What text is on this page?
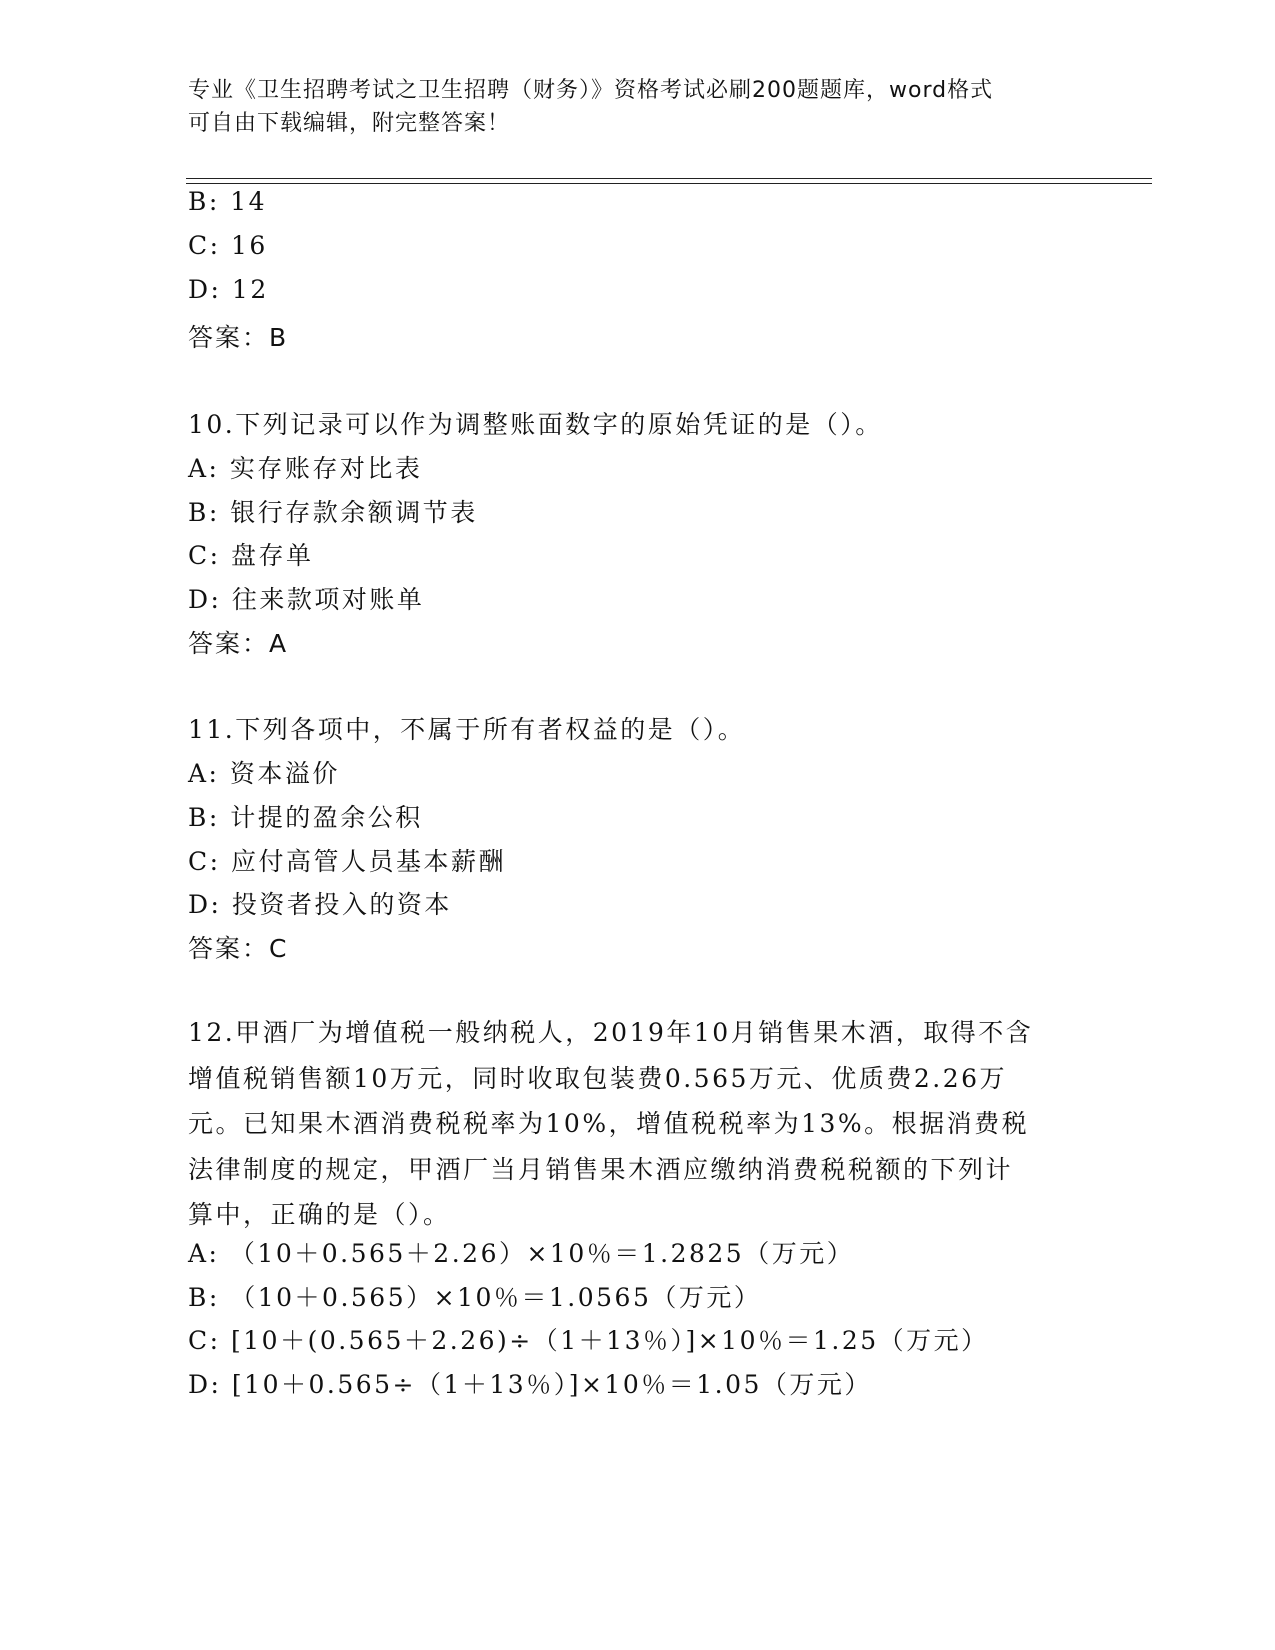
专业《卫生招聘考试之卫生招聘（财务）》资格考试必刷200题题库，word格式
可自由下载编辑，附完整答案！
B: 14
C: 16
D: 12
答案：B
10.下列记录可以作为调整账面数字的原始凭证的是（）。
A: 实存账存对比表
B: 银行存款余额调节表
C: 盘存单
D: 往来款项对账单
答案：A
11.下列各项中，不属于所有者权益的是（）。
A: 资本溢价
B: 计提的盈余公积
C: 应付高管人员基本薪酬
D: 投资者投入的资本
答案：C
12.甲酒厂为增值税一般纳税人，2019年10月销售果木酒，取得不含
增值税销售额10万元，同时收取包装费0.565万元、优质费2.26万
元。已知果木酒消费税税率为10%，增值税税率为13%。根据消费税
法律制度的规定，甲酒厂当月销售果木酒应缴纳消费税税额的下列计
算中，正确的是（）。
A: （10＋0.565＋2.26）×10％＝1.2825（万元）
B: （10＋0.565）×10％＝1.0565（万元）
C: [10＋(0.565＋2.26)÷（1＋13％）]×10％＝1.25（万元）
D: [10＋0.565÷（1＋13％）]×10％＝1.05（万元）
